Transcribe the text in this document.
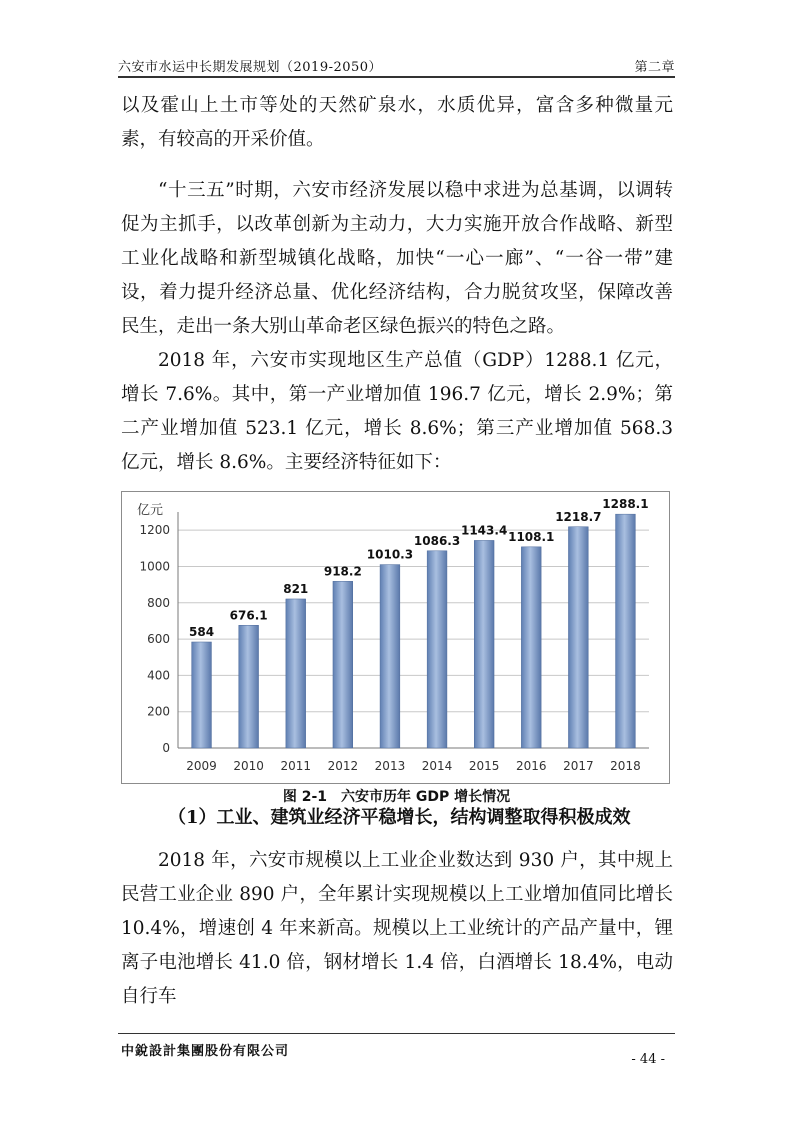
六安市水运中长期发展规划（2019-2050）	第二章
以及霍山上土市等处的天然矿泉水，水质优异，富含多种微量元素，有较高的开采价值。
“十三五”时期，六安市经济发展以稳中求进为总基调，以调转促为主抓手，以改革创新为主动力，大力实施开放合作战略、新型工业化战略和新型城镇化战略，加快“一心一廊”、“一谷一带”建设，着力提升经济总量、优化经济结构，合力脱贫攻坚，保障改善民生，走出一条大别山革命老区绿色振兴的特色之路。
2018 年，六安市实现地区生产总值（GDP）1288.1 亿元，增长 7.6%。其中，第一产业增加值 196.7 亿元，增长 2.9%；第二产业增加值 523.1 亿元，增长 8.6%；第三产业增加值 568.3 亿元，增长 8.6%。主要经济特征如下：
0
200
400
600
800
1000
1200
584
2009
676.1
2010
821
2011
918.2
2012
1010.3
2013
1086.3
2014
1143.4
2015
1108.1
2016
1218.7
2017
1288.1
2018
亿元
图 2-1　六安市历年 GDP 增长情况
（1）工业、建筑业经济平稳增长，结构调整取得积极成效
2018 年，六安市规模以上工业企业数达到 930 户，其中规上民营工业企业 890 户，全年累计实现规模以上工业增加值同比增长 10.4%，增速创 4 年来新高。规模以上工业统计的产品产量中，锂离子电池增长 41.0 倍，钢材增长 1.4 倍，白酒增长 18.4%，电动自行车
中銳設計集團股份有限公司
- 44 -
